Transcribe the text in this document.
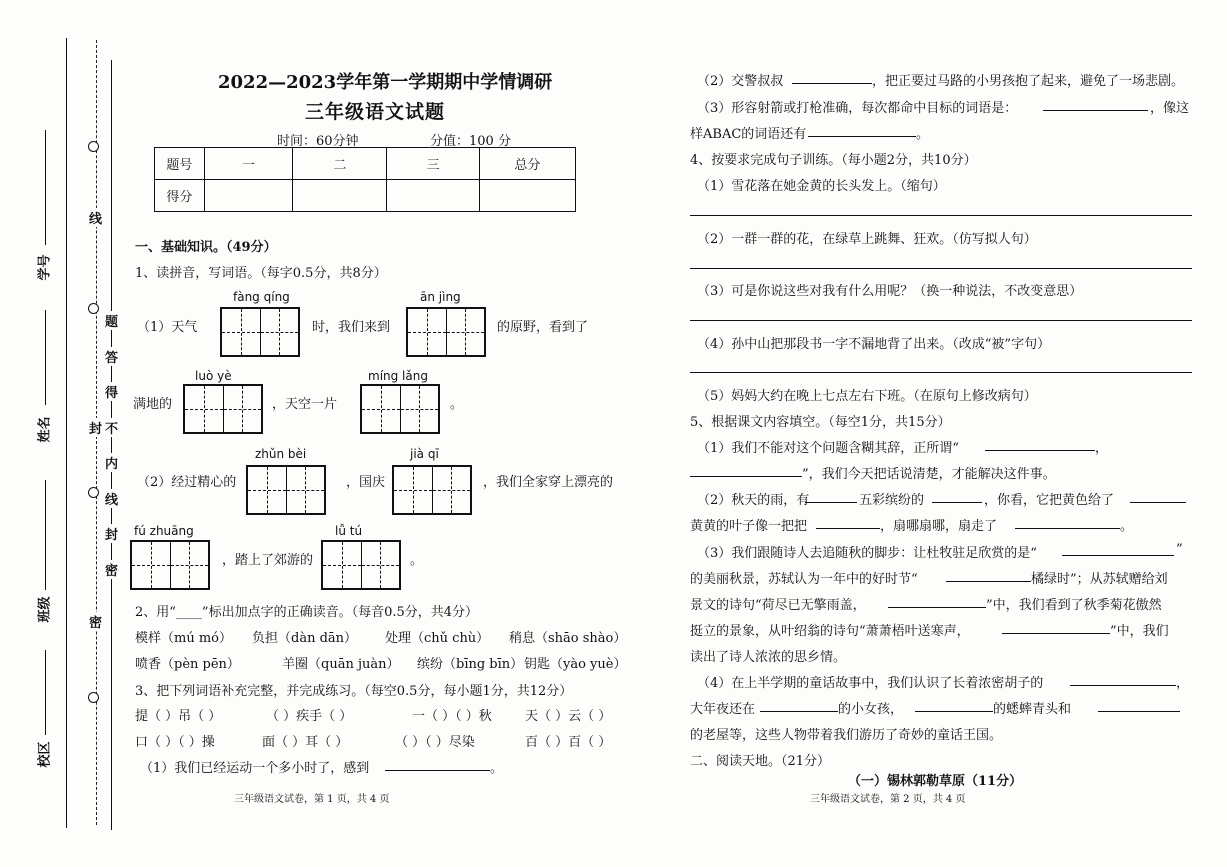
学号
姓名
班级
校区
线
封
密
题
答
得
不
内
线
封
密
2022—2023学年第一学期期中学情调研
三年级语文试题
时间：60分钟	分值：100 分
题号	一	二	三	总分
得分				
一、基础知识。（49分）
1、读拼音，写词语。（每字0.5分，共8分）
fàng qíng	ān jìng
（1）天气	时，我们来到	的原野，看到了
luò yè	míng lǎng
满地的	，天空一片	。
zhǔn bèi	jià qī
（2）经过精心的	，国庆	，我们全家穿上漂亮的
fú zhuāng	lǚ tú
，踏上了郊游的	。
2、用“____”标出加点字的正确读音。（每音0.5分，共4分）
模样（mú mó） 负担（dàn dān） 处理（chǔ chù） 稍息（shāo shào）
喷香（pèn pēn）	羊圈（quān juàn） 缤纷（bīng bīn） 钥匙（yào yuè）
3、把下列词语补充完整，并完成练习。（每空0.5分，每小题1分，共12分）
提（ ）吊（ ）	（ ）疾手（ ）	一（ ）（ ）秋	天（ ）云（ ）
口（ ）（ ）操	面（ ）耳（ ）	（ ）（ ）尽染	百（ ）百（ ）
（1）我们已经运动一个多小时了，感到	。
三年级语文试卷，第 1 页，共 4 页
（2）交警叔叔	，把正要过马路的小男孩抱了起来，避免了一场悲剧。
（3）形容射箭或打枪准确，每次都命中目标的词语是：	，像这
样ABAC的词语还有	。
4、按要求完成句子训练。（每小题2分，共10分）
（1）雪花落在她金黄的长头发上。（缩句）
（2）一群一群的花，在绿草上跳舞、狂欢。（仿写拟人句）
（3）可是你说这些对我有什么用呢？（换一种说法，不改变意思）
（4）孙中山把那段书一字不漏地背了出来。（改成“被”字句）
（5）妈妈大约在晚上七点左右下班。（在原句上修改病句）
5、根据课文内容填空。（每空1分，共15分）
（1）我们不能对这个问题含糊其辞，正所谓“	，
”，我们今天把话说清楚，才能解决这件事。
（2）秋天的雨，有	五彩缤纷的	，你看，它把黄色给了
黄黄的叶子像一把把	，扇哪扇哪，扇走了	。
（3）我们跟随诗人去追随秋的脚步：让杜牧驻足欣赏的是“	”
的美丽秋景，苏轼认为一年中的好时节“	橘绿时”；从苏轼赠给刘
景文的诗句“荷尽已无擎雨盖，	”中，我们看到了秋季菊花傲然
挺立的景象，从叶绍翁的诗句“萧萧梧叶送寒声，	”中，我们
读出了诗人浓浓的思乡情。
（4）在上半学期的童话故事中，我们认识了长着浓密胡子的	，
大年夜还在	的小女孩，	的蟋蟀青头和
的老屋等，这些人物带着我们游历了奇妙的童话王国。
二、阅读天地。（21分）
（一）锡林郭勒草原（11分）
三年级语文试卷，第 2 页，共 4 页
